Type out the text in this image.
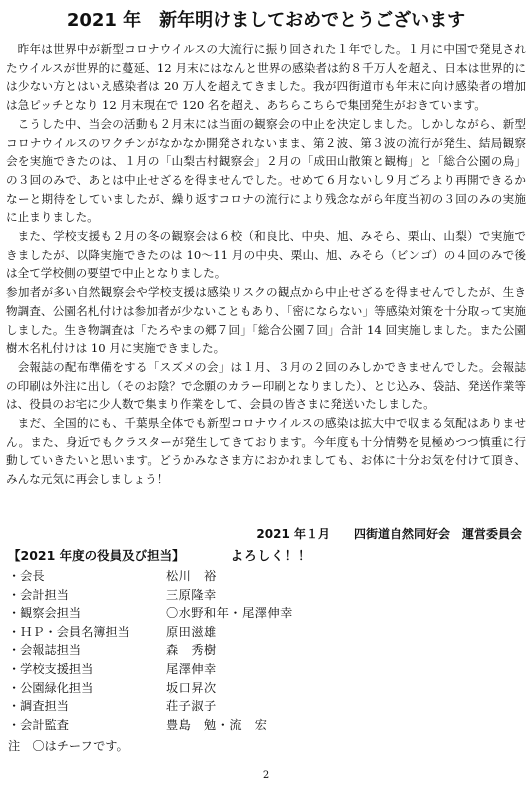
2021 年　新年明けましておめでとうございます

昨年は世界中が新型コロナウイルスの大流行に振り回された１年でした。１月に中国で発見されたウイルスが世界的に蔓延、12 月末にはなんと世界の感染者は約８千万人を超え、日本は世界的には少ない方とはいえ感染者は 20 万人を超えてきました。我が四街道市も年末に向け感染者の増加は急ピッチとなり 12 月末現在で 120 名を超え、あちらこちらで集団発生がおきています。

こうした中、当会の活動も２月末には当面の観察会の中止を決定しました。しかしながら、新型コロナウイルスのワクチンがなかなか開発されないまま、第２波、第３波の流行が発生、結局観察会を実施できたのは、１月の「山梨古村観察会」２月の「成田山散策と観梅」と「総合公園の鳥」の３回のみで、あとは中止せざるを得ませんでした。せめて６月ないし９月ごろより再開できるかなーと期待をしていましたが、繰り返すコロナの流行により残念ながら年度当初の３回のみの実施に止まりました。

また、学校支援も２月の冬の観察会は６校（和良比、中央、旭、みそら、栗山、山梨）で実施できましたが、以降実施できたのは 10～11 月の中央、栗山、旭、みそら（ビンゴ）の４回のみで後は全て学校側の要望で中止となりました。

参加者が多い自然観察会や学校支援は感染リスクの観点から中止せざるを得ませんでしたが、生き物調査、公園名札付けは参加者が少ないこともあり、「密にならない」等感染対策を十分取って実施しました。生き物調査は「たろやまの郷７回」「総合公園７回」合計 14 回実施しました。また公園樹木名札付けは 10 月に実施できました。

会報誌の配布準備をする「スズメの会」は１月、３月の２回のみしかできませんでした。会報誌の印刷は外注に出し（そのお陰？で念願のカラー印刷となりました）、とじ込み、袋詰、発送作業等は、役員のお宅に少人数で集まり作業をして、会員の皆さまに発送いたしました。

まだ、全国的にも、千葉県全体でも新型コロナウイルスの感染は拡大中で収まる気配はありません。また、身近でもクラスターが発生してきております。今年度も十分情勢を見極めつつ慎重に行動していきたいと思います。どうかみなさま方におかれましても、お体に十分お気を付けて頂き、みんな元気に再会しましょう！

2021 年１月　　四街道自然同好会　運営委員会
【2021 年度の役員及び担当】	よろしく！！
・会長	松川　裕
・会計担当	三原隆幸
・観察会担当	〇水野和年・尾澤伸幸
・ＨＰ・会員名簿担当	原田滋雄
・会報誌担当	森　秀樹
・学校支援担当	尾澤伸幸
・公園緑化担当	坂口昇次
・調査担当	荘子淑子
・会計監査	豊島　勉・流　宏
注　〇はチーフです。
2
